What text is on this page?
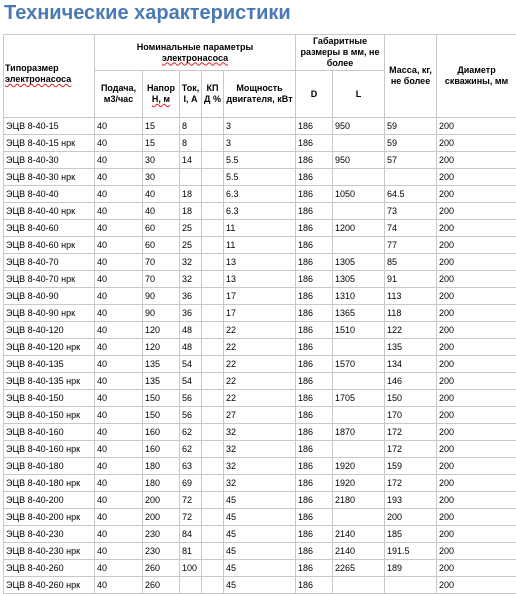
Технические характеристики
Типоразмер
электронасоса	Номинальные параметры
электронасоса					Габаритные размеры в мм, не более		Масса, кг, не более	Диаметр скважины, мм
	Подача, м3/час	Напор
Н, м	Ток, I, А	КП
Д %	Мощность двигателя, кВт	D	L		
ЭЦВ 8-40-15	40	15	8		3	186	950	59	200
ЭЦВ 8-40-15 нрк	40	15	8		3	186		59	200
ЭЦВ 8-40-30	40	30	14		5.5	186	950	57	200
ЭЦВ 8-40-30 нрк	40	30			5.5	186			200
ЭЦВ 8-40-40	40	40	18		6.3	186	1050	64.5	200
ЭЦВ 8-40-40 нрк	40	40	18		6.3	186		73	200
ЭЦВ 8-40-60	40	60	25		11	186	1200	74	200
ЭЦВ 8-40-60 нрк	40	60	25		11	186		77	200
ЭЦВ 8-40-70	40	70	32		13	186	1305	85	200
ЭЦВ 8-40-70 нрк	40	70	32		13	186	1305	91	200
ЭЦВ 8-40-90	40	90	36		17	186	1310	113	200
ЭЦВ 8-40-90 нрк	40	90	36		17	186	1365	118	200
ЭЦВ 8-40-120	40	120	48		22	186	1510	122	200
ЭЦВ 8-40-120 нрк	40	120	48		22	186		135	200
ЭЦВ 8-40-135	40	135	54		22	186	1570	134	200
ЭЦВ 8-40-135 нрк	40	135	54		22	186		146	200
ЭЦВ 8-40-150	40	150	56		22	186	1705	150	200
ЭЦВ 8-40-150 нрк	40	150	56		27	186		170	200
ЭЦВ 8-40-160	40	160	62		32	186	1870	172	200
ЭЦВ 8-40-160 нрк	40	160	62		32	186		172	200
ЭЦВ 8-40-180	40	180	63		32	186	1920	159	200
ЭЦВ 8-40-180 нрк	40	180	69		32	186	1920	172	200
ЭЦВ 8-40-200	40	200	72		45	186	2180	193	200
ЭЦВ 8-40-200 нрк	40	200	72		45	186		200	200
ЭЦВ 8-40-230	40	230	84		45	186	2140	185	200
ЭЦВ 8-40-230 нрк	40	230	81		45	186	2140	191.5	200
ЭЦВ 8-40-260	40	260	100		45	186	2265	189	200
ЭЦВ 8-40-260 нрк	40	260			45	186			200
